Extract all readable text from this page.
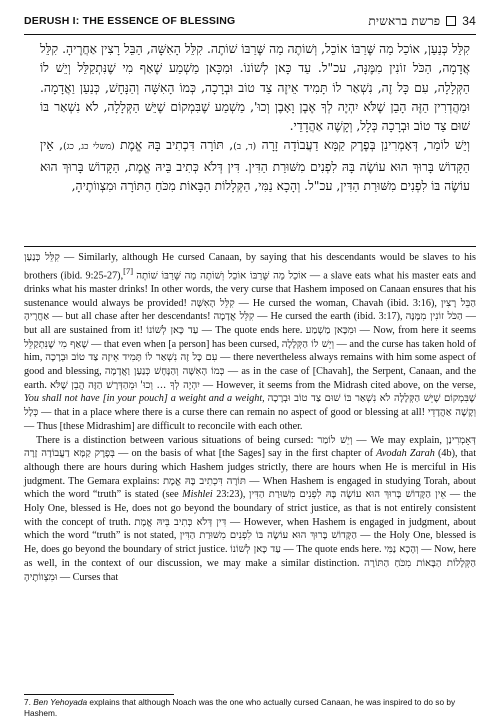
DERUSH I: THE ESSENCE OF BLESSING	פרשת בראשית 34
קִלֵּל כְּנַעַן, אוֹכַל מַה שֶּׁרַבּוֹ אוֹכֵל, וְשׁוֹתֶה מַה שֶּׁרַבּוֹ שׁוֹתֶה. קִלֵּל הָאִשָּׁה, הַבֵּל רָצִין אַחֲרֶיהָ. קִלֵּל אֲדָמָה, הַכֹּל זוֹנִין מִמֶּנָּה, עכ"ל. עַד כָּאן לְשׁוֹנוֹ. וּמִכָּאן מַשְׁמַע שֶׁאַף מִי שֶׁנִּתְקַלֵּל וְיֵשׁ לוֹ הַקְּלָלָה, עִם כָּל זֶה, נִשְׁאַר לוֹ תָּמִיד אֵיזֶה צַד טוֹב וּבְרָכָה, כְּמוֹ הָאִשָּׁה וְהַנָּחָשׁ, כְּנַעַן וַאֲדָמָה. וּמַהֲדְרִין הַזֶּה הָבֵן שֶׁלֹּא יִהְיֶה לְךָ אֶבֶן וָאָבֶן וְכוּ', מַשְׁמַע שֶׁבִּמְקוֹם שֶׁיֵּשׁ הַקְּלָלָה, לֹא נִשְׁאַר בּוֹ שׁוּם צַד טוֹב וּבְרָכָה כְּלָל, וְקָשֶׁה אַהֲדָדֵי.
וְיֵשׁ לוֹמַר, דְּאָמְרִינַן בְּפֶרֶק קַמָּא דַעֲבוֹדָה זָרָה (ד, ב), תּוֹרָה דִּכְתִיב בָּהּ אֱמֶת (משלי כג, כג), אֵין הַקָּדוֹשׁ בָּרוּךְ הוּא עוֹשֶׂה בָּהּ לִפְנִים מִשּׁוּרַת הַדִּין. דִּין דְּלֹא כְּתִיב בֵּיהּ אֱמֶת, הַקָּדוֹשׁ בָּרוּךְ הוּא עוֹשֶׂה בּוֹ לִפְנִים מִשּׁוּרַת הַדִּין, עכ"ל. וְהָכָא נַמִּי, הַקְּלָלוֹת הַבָּאוֹת מִכֹּחַ הַתּוֹרָה וּמִצְווֹתֶיהָ,

קִלֵּל כְּנַעַן — Similarly, although He cursed Canaan, by saying that his descendants would be slaves to his brothers (ibid. 9:25-27),[7] אוֹכַל מַה שֶּׁרַבּוֹ אוֹכֵל וְשׁוֹתֶה מַה שֶּׁרַבּוֹ שׁוֹתֶה — a slave eats what his master eats and drinks what his master drinks! In other words, the very curse that Hashem imposed on Canaan ensures that his sustenance would always be provided! קִלֵּל הָאִשָּׁה — He cursed the woman, Chavah (ibid. 3:16), הַבֵּל רָצִין אַחֲרֶיהָ — but all chase after her descendants! קִלֵּל אֲדָמָה — He cursed the earth (ibid. 3:17), הַכֹּל זוֹנִין מִמֶּנָּה — but all are sustained from it! עַד כָּאן לְשׁוֹנוֹ — The quote ends here. וּמִכָּאן מַשְׁמַע — Now, from here it seems שֶׁאַף מִי שֶׁנִּתְקַלֵּל — that even when [a person] has been cursed, וְיֵשׁ לוֹ הַקְּלָלָה — and the curse has taken hold of him, עִם כָּל זֶה נִשְׁאַר לוֹ תָּמִיד אֵיזֶה צַד טוֹב וּבְרָכָה — there nevertheless always remains with him some aspect of good and blessing, כְּמוֹ הָאִשָּׁה וְהַנָּחָשׁ כְּנַעַן וַאֲדָמָה — as in the case of [Chavah], the Serpent, Canaan, and the earth. וּמֵהַדְּרָשׁ הַזֶּה הֲבֵן שֶׁלֹּא יִהְיֶה לְךָ ... וְכוּ' — However, it seems from the Midrash cited above, on the verse, You shall not have [in your pouch] a weight and a weight, שֶׁבִּמְקוֹם שֶׁיֵּשׁ הַקְּלָלָה לֹא נִשְׁאַר בּוֹ שׁוּם צַד טוֹב וּבְרָכָה כְּלָל — that in a place where there is a curse there can remain no aspect of good or blessing at all! וְקָשֶׁה אַהֲדָדֵי — Thus [these Midrashim] are difficult to reconcile with each other.

There is a distinction between various situations of being cursed: וְיֵשׁ לוֹמַר — We may explain, דְּאָמְרִינַן בְּפֶרֶק קַמָּא דַעֲבוֹדָה זָרָה — on the basis of what [the Sages] say in the first chapter of Avodah Zarah (4b), that although there are hours during which Hashem judges strictly, there are hours when He is merciful in His judgment. The Gemara explains: תּוֹרָה דִּכְתִיב בָּהּ אֱמֶת — When Hashem is engaged in studying Torah, about which the word “truth” is stated (see Mishlei 23:23), אֵין הַקָּדוֹשׁ בָּרוּךְ הוּא עוֹשֶׂה בָּהּ לִפְנִים מִשּׁוּרַת הַדִּין — the Holy One, blessed is He, does not go beyond the boundary of strict justice, as that is not entirely consistent with the concept of truth. דִּין דְּלֹא כְּתִיב בֵּיהּ אֱמֶת — However, when Hashem is engaged in judgment, about which the word “truth” is not stated, הַקָּדוֹשׁ בָּרוּךְ הוּא עוֹשֶׂה בּוֹ לִפְנִים מִשּׁוּרַת הַדִּין — the Holy One, blessed is He, does go beyond the boundary of strict justice. עַד כָּאן לְשׁוֹנוֹ — The quote ends here. וְהָכָא נַמִּי — Now, here as well, in the context of our discussion, we may make a similar distinction. הַקְּלָלוֹת הַבָּאוֹת מִכֹּחַ הַתּוֹרָה וּמִצְווֹתֶיהָ — Curses that

7. Ben Yehoyada explains that although Noach was the one who actually cursed Canaan, he was inspired to do so by Hashem.
